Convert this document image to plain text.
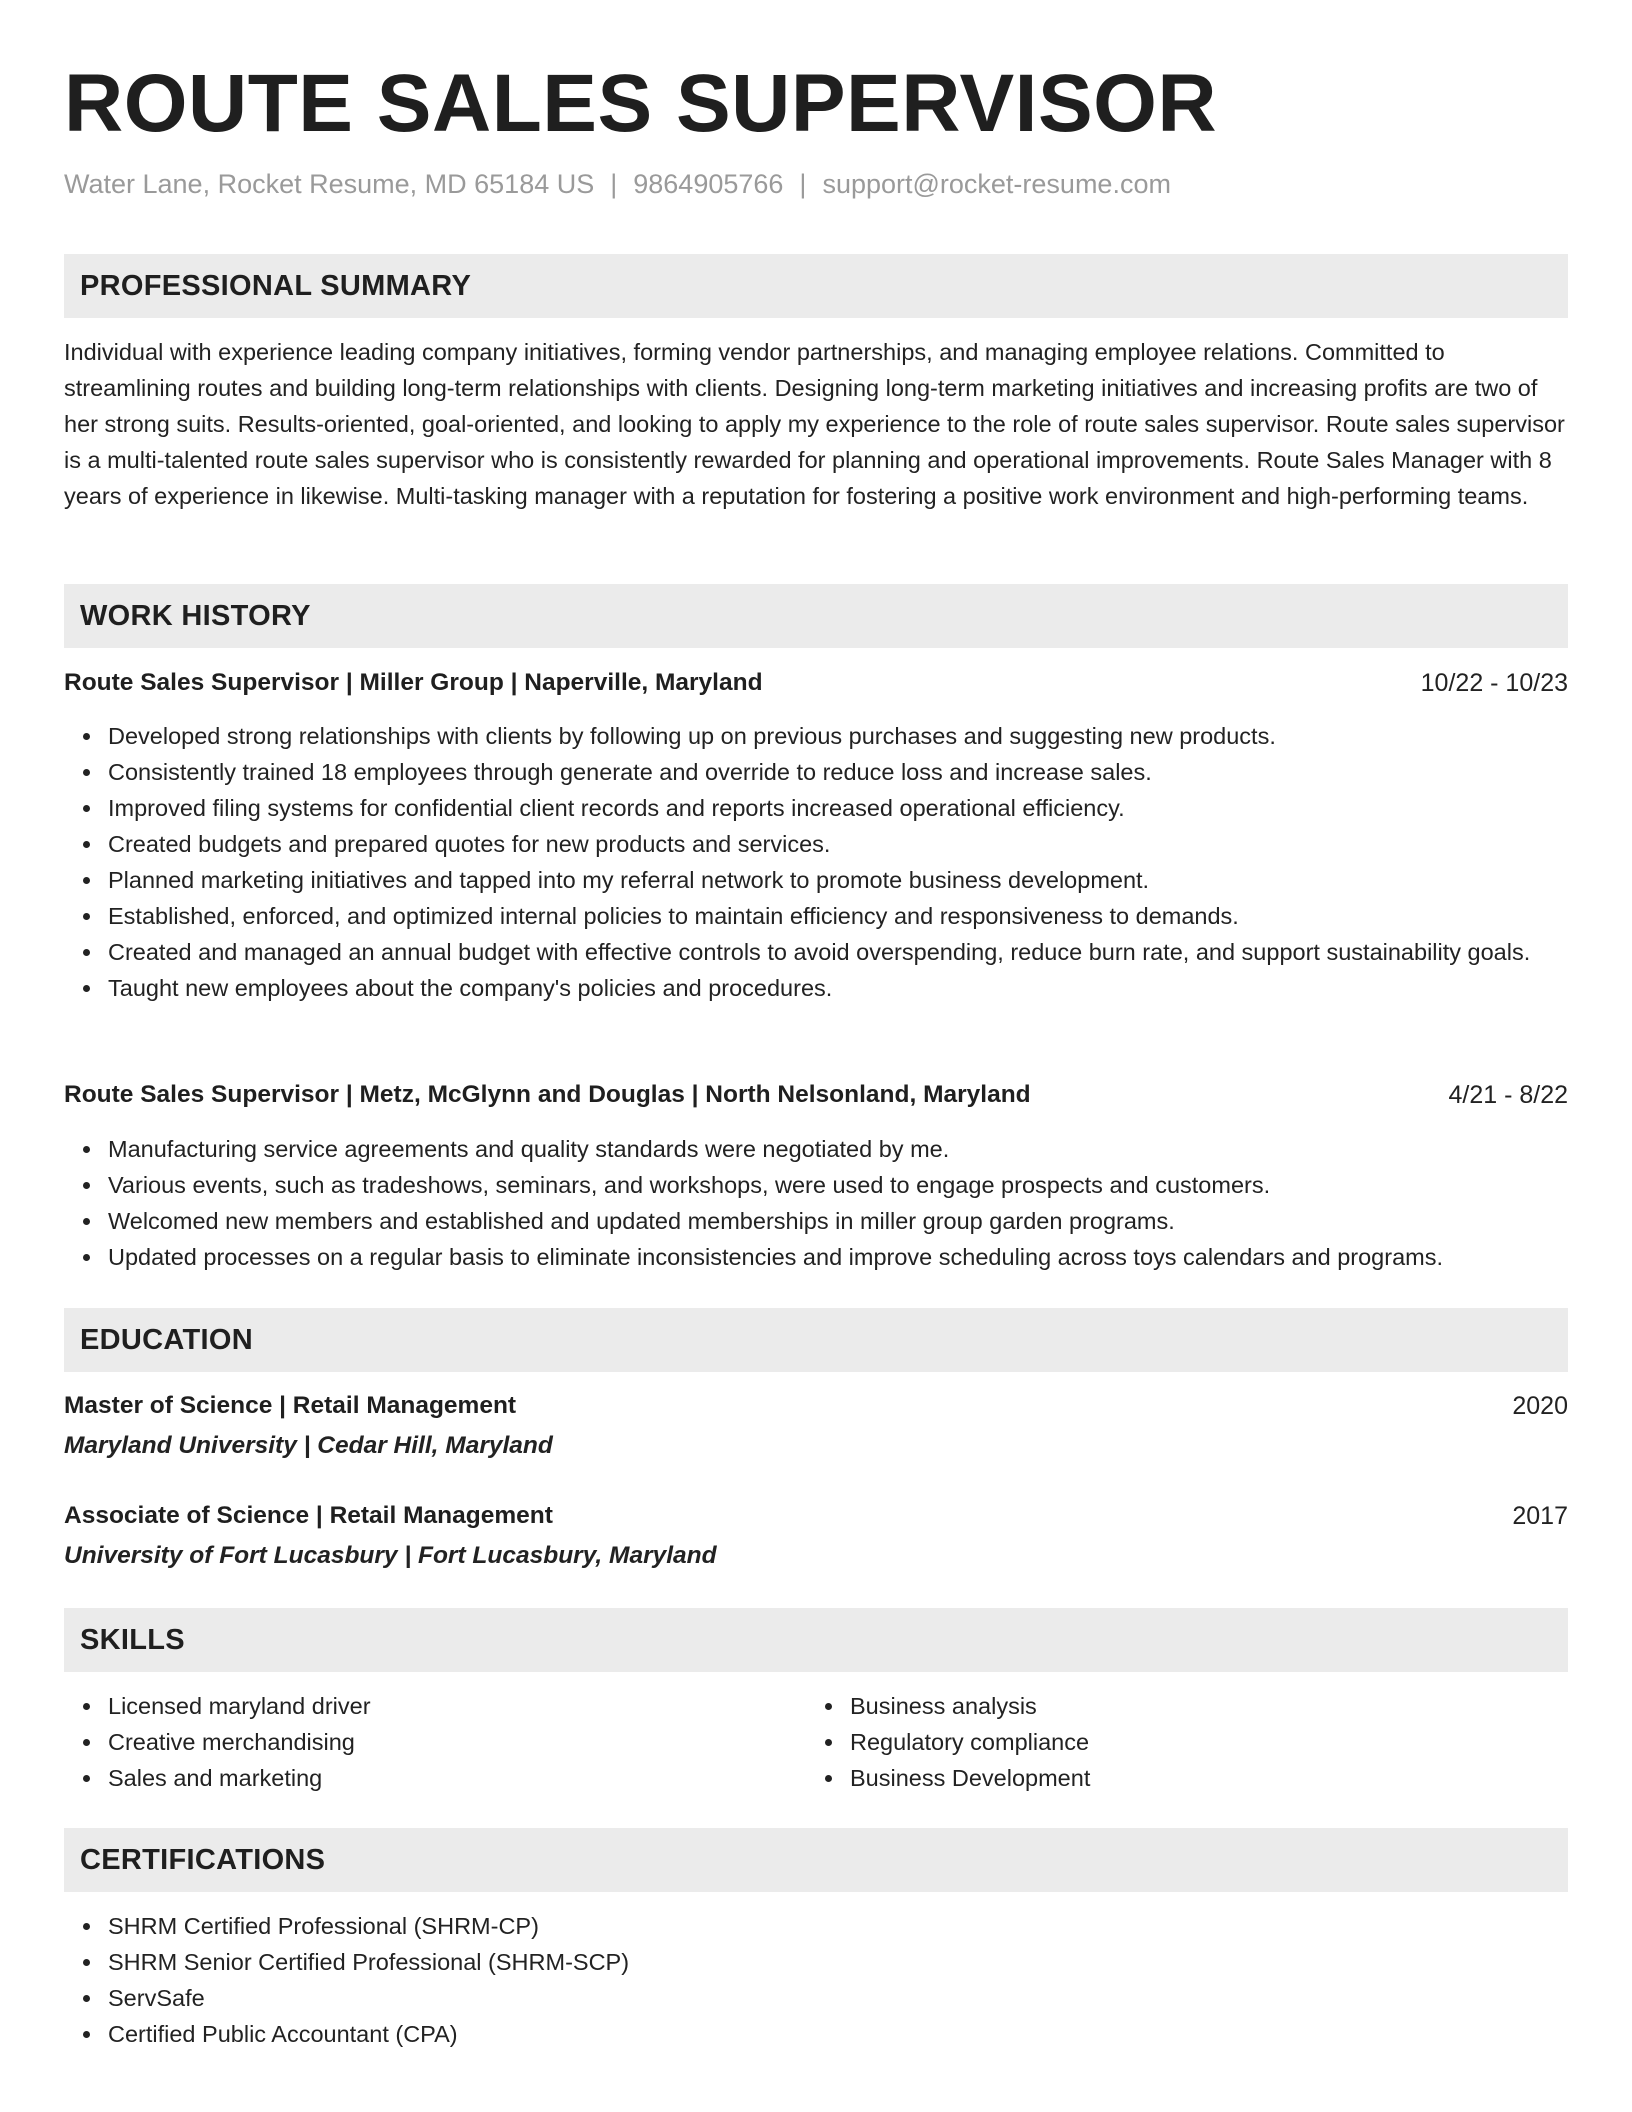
ROUTE SALES SUPERVISOR
Water Lane, Rocket Resume, MD 65184 US | 9864905766 | support@rocket-resume.com
PROFESSIONAL SUMMARY
Individual with experience leading company initiatives, forming vendor partnerships, and managing employee relations. Committed to streamlining routes and building long-term relationships with clients. Designing long-term marketing initiatives and increasing profits are two of her strong suits. Results-oriented, goal-oriented, and looking to apply my experience to the role of route sales supervisor. Route sales supervisor is a multi-talented route sales supervisor who is consistently rewarded for planning and operational improvements. Route Sales Manager with 8 years of experience in likewise. Multi-tasking manager with a reputation for fostering a positive work environment and high-performing teams.
WORK HISTORY
Route Sales Supervisor | Miller Group | Naperville, Maryland	10/22 - 10/23
Developed strong relationships with clients by following up on previous purchases and suggesting new products.
Consistently trained 18 employees through generate and override to reduce loss and increase sales.
Improved filing systems for confidential client records and reports increased operational efficiency.
Created budgets and prepared quotes for new products and services.
Planned marketing initiatives and tapped into my referral network to promote business development.
Established, enforced, and optimized internal policies to maintain efficiency and responsiveness to demands.
Created and managed an annual budget with effective controls to avoid overspending, reduce burn rate, and support sustainability goals.
Taught new employees about the company's policies and procedures.
Route Sales Supervisor | Metz, McGlynn and Douglas | North Nelsonland, Maryland	4/21 - 8/22
Manufacturing service agreements and quality standards were negotiated by me.
Various events, such as tradeshows, seminars, and workshops, were used to engage prospects and customers.
Welcomed new members and established and updated memberships in miller group garden programs.
Updated processes on a regular basis to eliminate inconsistencies and improve scheduling across toys calendars and programs.
EDUCATION
Master of Science | Retail Management	2020
Maryland University | Cedar Hill, Maryland
Associate of Science | Retail Management	2017
University of Fort Lucasbury | Fort Lucasbury, Maryland
SKILLS
Licensed maryland driver
Creative merchandising
Sales and marketing
Business analysis
Regulatory compliance
Business Development
CERTIFICATIONS
SHRM Certified Professional (SHRM-CP)
SHRM Senior Certified Professional (SHRM-SCP)
ServSafe
Certified Public Accountant (CPA)
